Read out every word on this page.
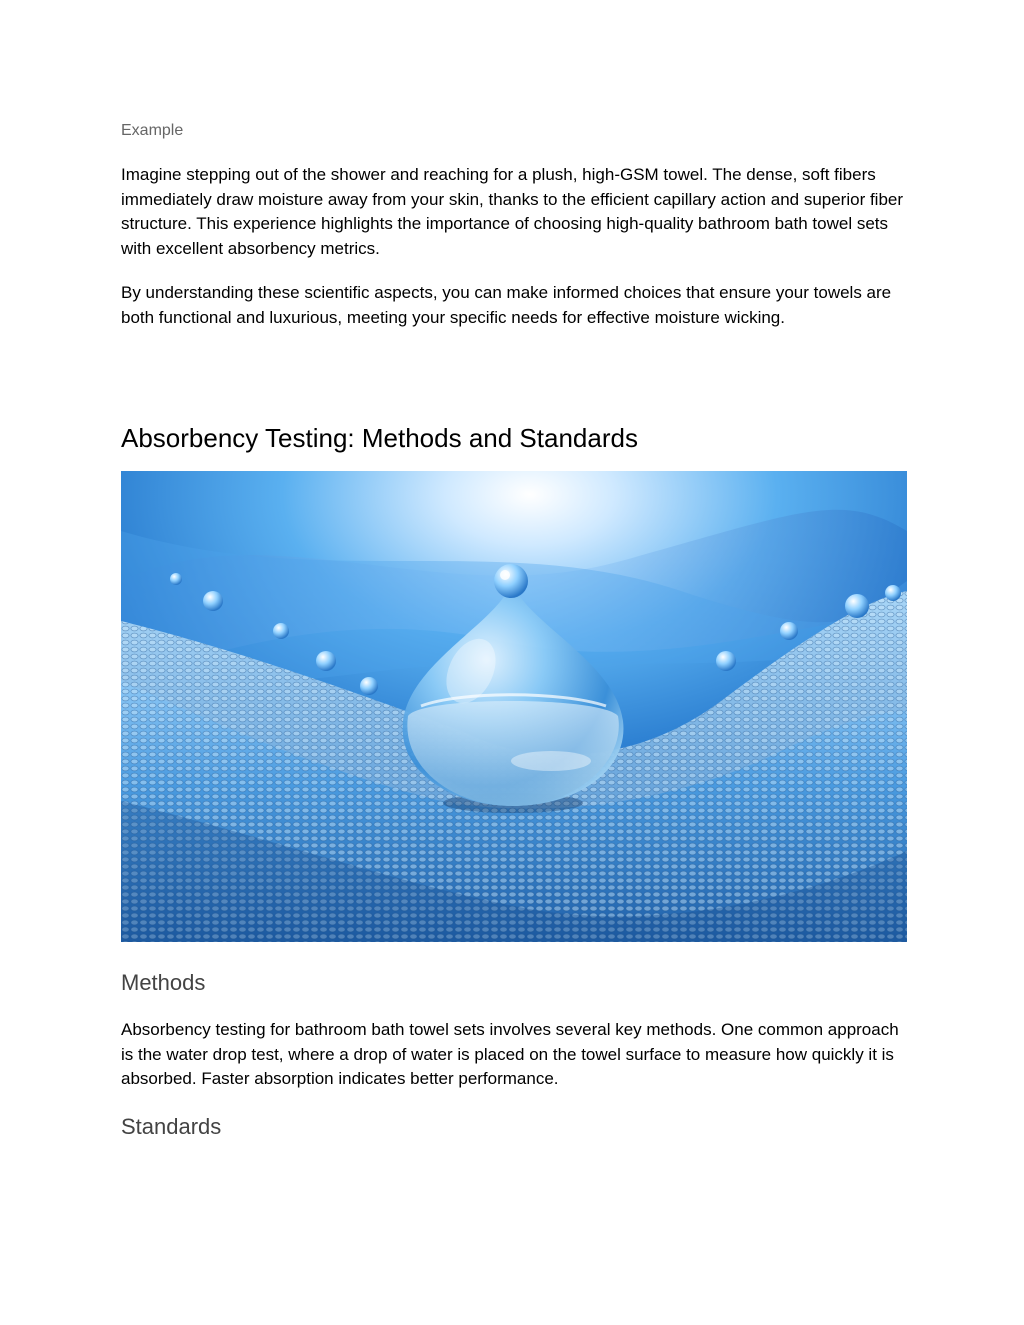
Example

Imagine stepping out of the shower and reaching for a plush, high-GSM towel. The dense, soft fibers immediately draw moisture away from your skin, thanks to the efficient capillary action and superior fiber structure. This experience highlights the importance of choosing high-quality bathroom bath towel sets with excellent absorbency metrics.

By understanding these scientific aspects, you can make informed choices that ensure your towels are both functional and luxurious, meeting your specific needs for effective moisture wicking.

Absorbency Testing: Methods and Standards
Methods

Absorbency testing for bathroom bath towel sets involves several key methods. One common approach is the water drop test, where a drop of water is placed on the towel surface to measure how quickly it is absorbed. Faster absorption indicates better performance.

Standards
